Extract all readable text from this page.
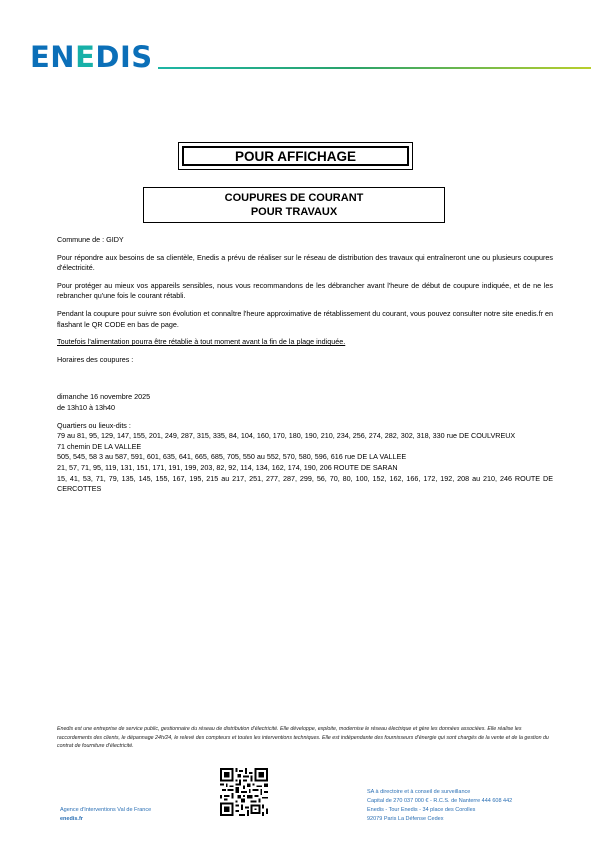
ENEDIS
POUR AFFICHAGE
COUPURES DE COURANT
POUR TRAVAUX

Commune de : GIDY

Pour répondre aux besoins de sa clientèle, Enedis a prévu de réaliser sur le réseau de distribution des travaux qui entraîneront une ou plusieurs coupures d'électricité.

Pour protéger au mieux vos appareils sensibles, nous vous recommandons de les débrancher avant l'heure de début de coupure indiquée, et de ne les rebrancher qu'une fois le courant rétabli.

Pendant la coupure pour suivre son évolution et connaître l'heure approximative de rétablissement du courant, vous pouvez consulter notre site enedis.fr en flashant le QR CODE en bas de page.

Toutefois l'alimentation pourra être rétablie à tout moment avant la fin de la plage indiquée.

Horaires des coupures :

dimanche 16 novembre 2025

de 13h10 à 13h40

Quartiers ou lieux-dits :

79 au 81, 95, 129, 147, 155, 201, 249, 287, 315, 335, 84, 104, 160, 170, 180, 190, 210, 234, 256, 274, 282, 302, 318, 330 rue DE COULVREUX

71 chemin DE LA VALLEE

505, 545, 58 3 au 587, 591, 601, 635, 641, 665, 685, 705, 550 au 552, 570, 580, 596, 616 rue DE LA VALLEE

21, 57, 71, 95, 119, 131, 151, 171, 191, 199, 203, 82, 92, 114, 134, 162, 174, 190, 206 ROUTE DE SARAN

15, 41, 53, 71, 79, 135, 145, 155, 167, 195, 215 au 217, 251, 277, 287, 299, 56, 70, 80, 100, 152, 162, 166, 172, 192, 208 au 210, 246 ROUTE DE CERCOTTES

Enedis est une entreprise de service public, gestionnaire du réseau de distribution d'électricité. Elle développe, exploite, modernise le réseau électrique et gère les données associées. Elle réalise les raccordements des clients, le dépannage 24h/24, le relevé des compteurs et toutes les interventions techniques. Elle est indépendante des fournisseurs d'énergie qui sont chargés de la vente et de la gestion du contrat de fourniture d'électricité.
Agence d'Interventions Val de France
enedis.fr
SA à directoire et à conseil de surveillance
Capital de 270 037 000 € - R.C.S. de Nanterre 444 608 442
Enedis - Tour Enedis - 34 place des Corolles
92079 Paris La Défense Cedex
